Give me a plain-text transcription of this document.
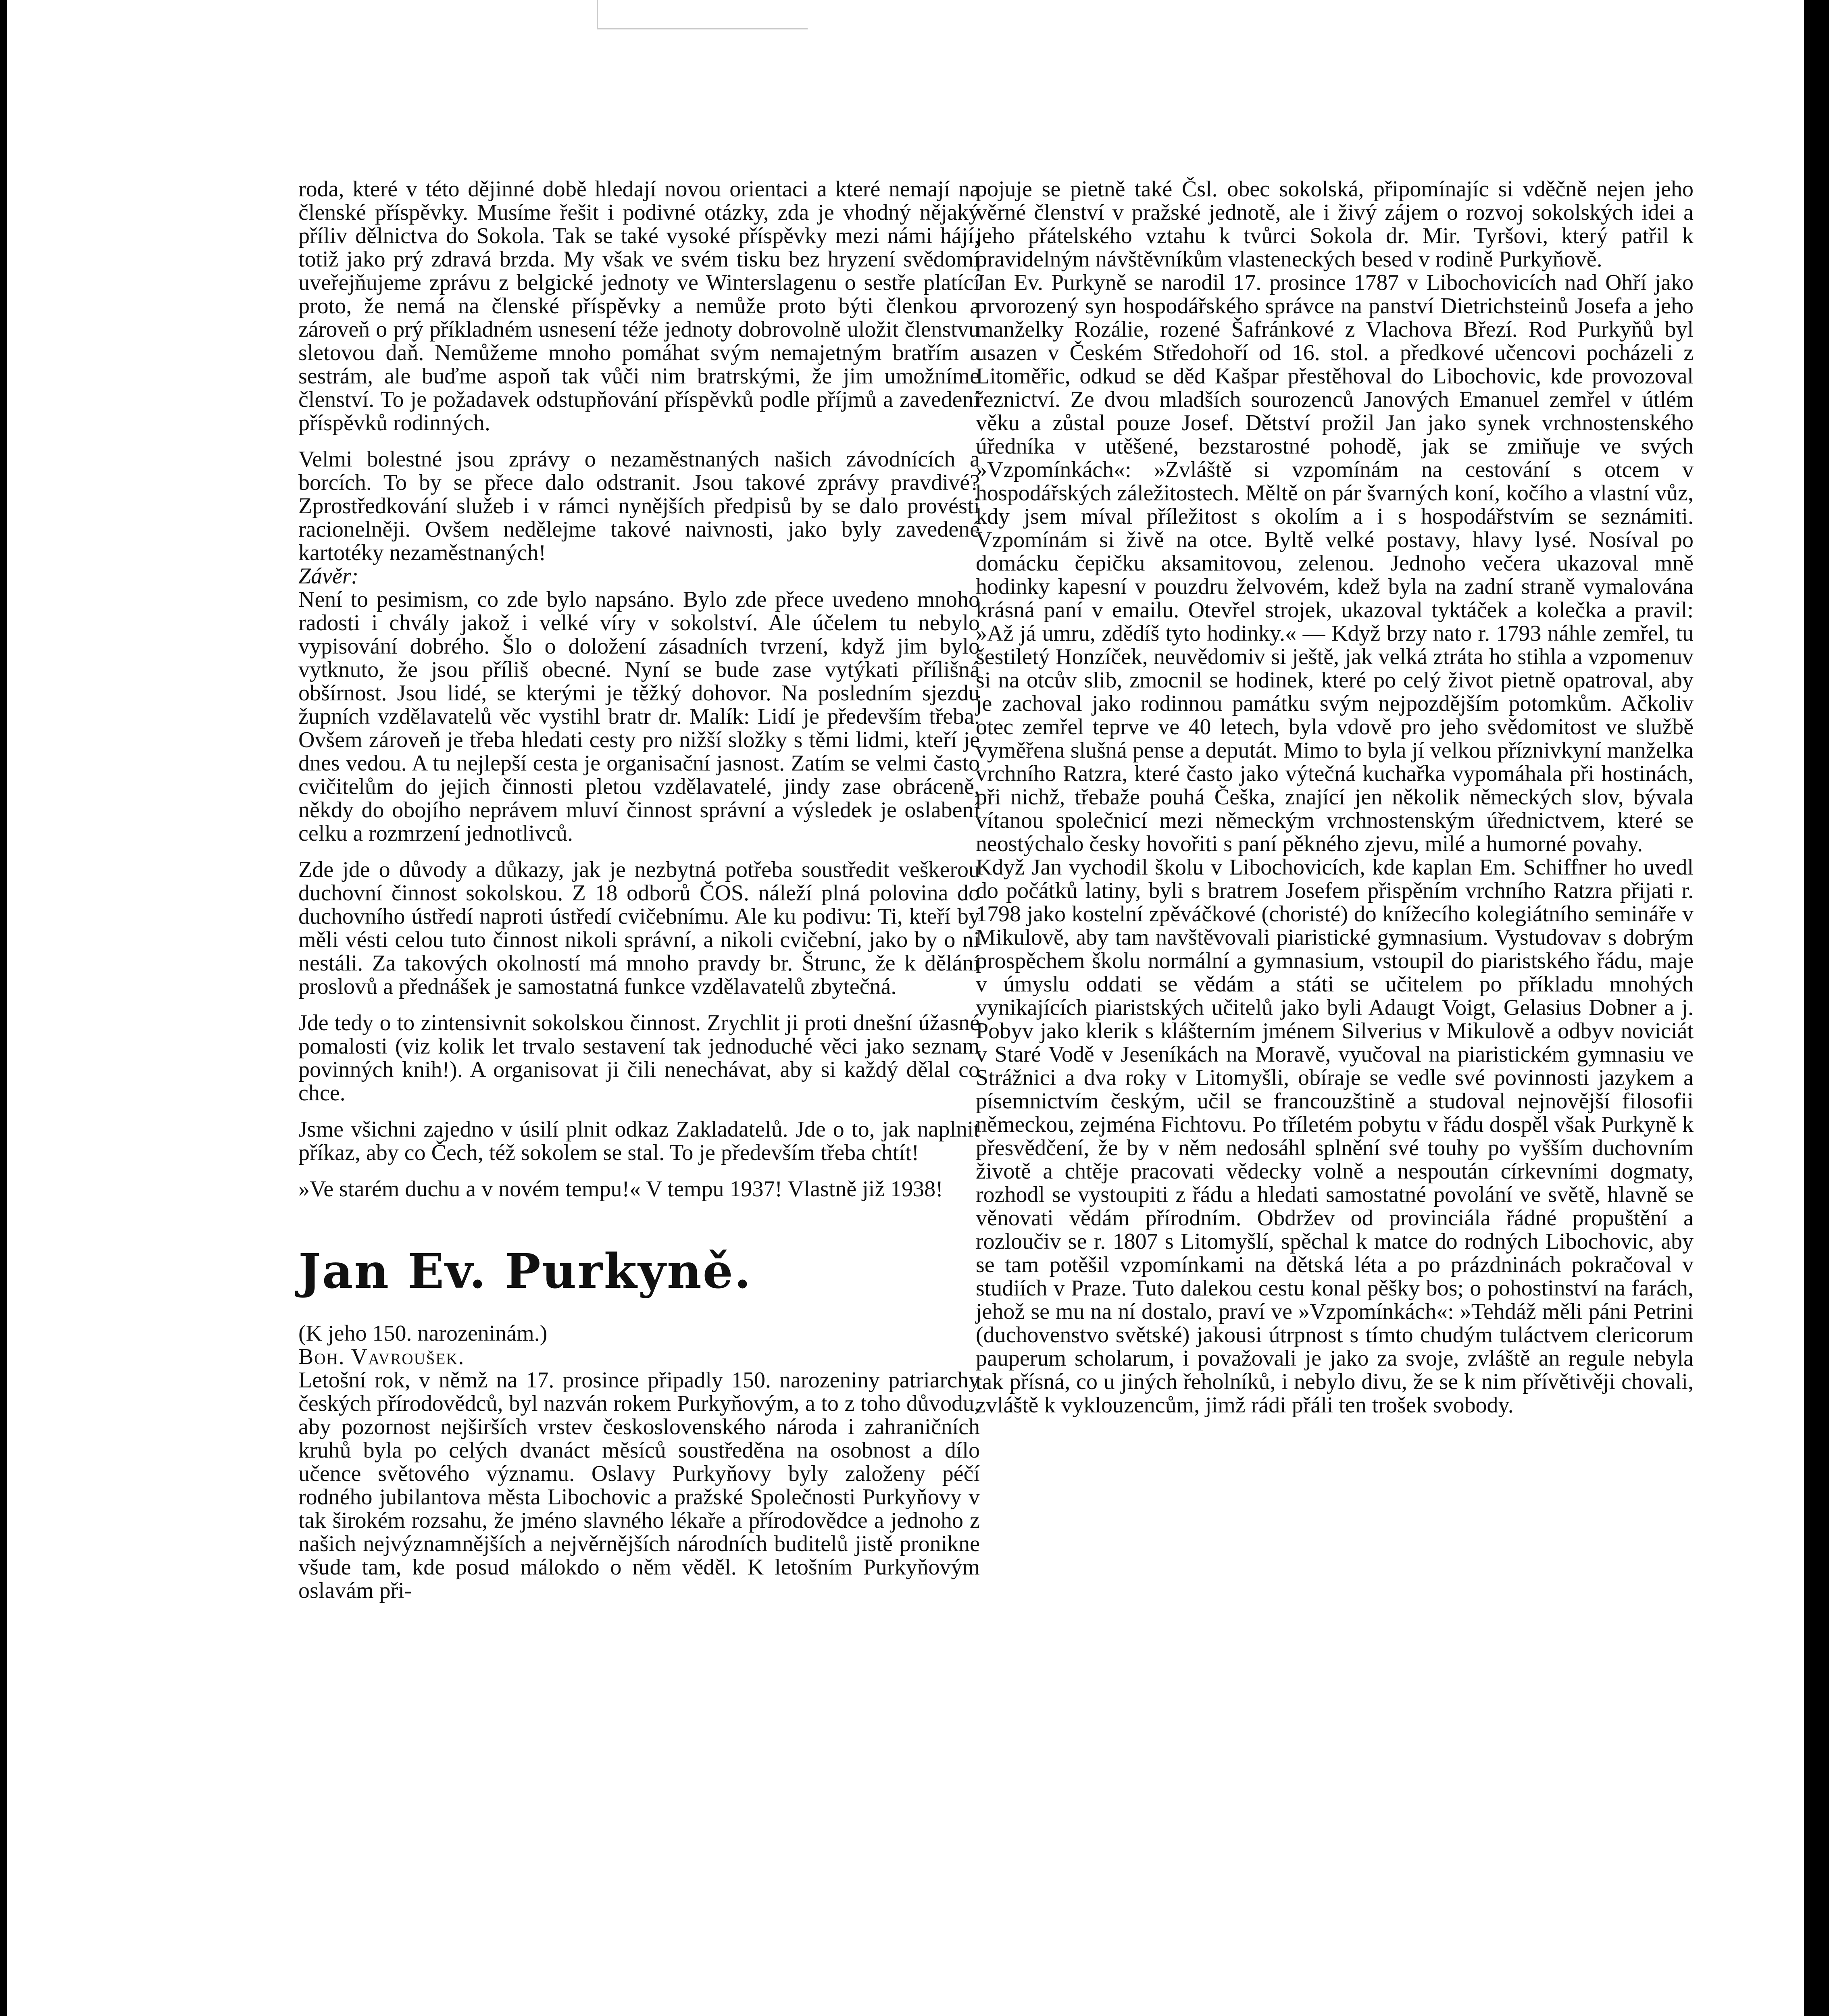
roda, které v této dějinné době hledají novou orientaci a které nemají na členské příspěvky. Musíme řešit i podivné otázky, zda je vhodný nějaký příliv dělnictva do Sokola. Tak se také vysoké příspěvky mezi námi hájí, totiž jako prý zdravá brzda. My však ve svém tisku bez hryzení svědomí uveřejňujeme zprávu z belgické jednoty ve Winterslagenu o sestře platící proto, že nemá na členské příspěvky a nemůže proto býti členkou a zároveň o prý příkladném usnesení téže jednoty dobrovolně uložit členstvu sletovou daň. Nemůžeme mnoho pomáhat svým nemajetným bratřím a sestrám, ale buďme aspoň tak vůči nim bratrskými, že jim umožníme členství. To je požadavek odstupňování příspěvků podle příjmů a zavedení příspěvků rodinných.

Velmi bolestné jsou zprávy o nezaměstnaných našich závodnících a borcích. To by se přece dalo odstranit. Jsou takové zprávy pravdivé? Zprostředkování služeb i v rámci nynějších předpisů by se dalo provésti racionelněji. Ovšem nedělejme takové naivnosti, jako byly zavedené kartotéky nezaměstnaných!

Závěr:

Není to pesimism, co zde bylo napsáno. Bylo zde přece uvedeno mnoho radosti i chvály jakož i velké víry v sokolství. Ale účelem tu nebylo vypisování dobrého. Šlo o doložení zásadních tvrzení, když jim bylo vytknuto, že jsou příliš obecné. Nyní se bude zase vytýkati přílišná obšírnost. Jsou lidé, se kterými je těžký dohovor. Na posledním sjezdu župních vzdělavatelů věc vystihl bratr dr. Malík: Lidí je především třeba. Ovšem zároveň je třeba hledati cesty pro nižší složky s těmi lidmi, kteří je dnes vedou. A tu nejlepší cesta je organisační jasnost. Zatím se velmi často cvičitelům do jejich činnosti pletou vzdělavatelé, jindy zase obráceně, někdy do obojího neprávem mluví činnost správní a výsledek je oslabení celku a rozmrzení jednotlivců.

Zde jde o důvody a důkazy, jak je nezbytná potřeba soustředit veškerou duchovní činnost sokolskou. Z 18 odborů ČOS. náleží plná polovina do duchovního ústředí naproti ústředí cvičebnímu. Ale ku podivu: Ti, kteří by měli vésti celou tuto činnost nikoli správní, a nikoli cvičební, jako by o ni nestáli. Za takových okolností má mnoho pravdy br. Štrunc, že k dělání proslovů a přednášek je samostatná funkce vzdělavatelů zbytečná.

Jde tedy o to zintensivnit sokolskou činnost. Zrychlit ji proti dnešní úžasné pomalosti (viz kolik let trvalo sestavení tak jednoduché věci jako seznam povinných knih!). A organisovat ji čili nenechávat, aby si každý dělal co chce.

Jsme všichni zajedno v úsilí plnit odkaz Zakladatelů. Jde o to, jak naplnit příkaz, aby co Čech, též sokolem se stal. To je především třeba chtít!

»Ve starém duchu a v novém tempu!« V tempu 1937! Vlastně již 1938!

Jan Ev. Purkyně.

(K jeho 150. narozeninám.)

Boh. Vavroušek.

Letošní rok, v němž na 17. prosince připadly 150. narozeniny patriarchy českých přírodovědců, byl nazván rokem Purkyňovým, a to z toho důvodu, aby pozornost nejširších vrstev československého národa i zahraničních kruhů byla po celých dvanáct měsíců soustředěna na osobnost a dílo učence světového významu. Oslavy Purkyňovy byly založeny péčí rodného jubilantova města Libochovic a pražské Společnosti Purkyňovy v tak širokém rozsahu, že jméno slavného lékaře a přírodovědce a jednoho z našich nejvýznamnějších a nejvěrnějších národních buditelů jistě pronikne všude tam, kde posud málokdo o něm věděl. K letošním Purkyňovým oslavám při-

pojuje se pietně také Čsl. obec sokolská, připomínajíc si vděčně nejen jeho věrné členství v pražské jednotě, ale i živý zájem o rozvoj sokolských idei a jeho přátelského vztahu k tvůrci Sokola dr. Mir. Tyršovi, který patřil k pravidelným návštěvníkům vlasteneckých besed v rodině Purkyňově.

Jan Ev. Purkyně se narodil 17. prosince 1787 v Libochovicích nad Ohří jako prvorozený syn hospodářského správce na panství Dietrichsteinů Josefa a jeho manželky Rozálie, rozené Šafránkové z Vlachova Březí. Rod Purkyňů byl usazen v Českém Středohoří od 16. stol. a předkové učencovi pocházeli z Litoměřic, odkud se děd Kašpar přestěhoval do Libochovic, kde provozoval řeznictví. Ze dvou mladších sourozenců Janových Emanuel zemřel v útlém věku a zůstal pouze Josef. Dětství prožil Jan jako synek vrchnostenského úředníka v utěšené, bezstarostné pohodě, jak se zmiňuje ve svých »Vzpomínkách«: »Zvláště si vzpomínám na cestování s otcem v hospodářských záležitostech. Měltě on pár švarných koní, kočího a vlastní vůz, kdy jsem míval příležitost s okolím a i s hospodářstvím se seznámiti. Vzpomínám si živě na otce. Byltě velké postavy, hlavy lysé. Nosíval po domácku čepičku aksamitovou, zelenou. Jednoho večera ukazoval mně hodinky kapesní v pouzdru želvovém, kdež byla na zadní straně vymalována krásná paní v emailu. Otevřel strojek, ukazoval tyktáček a kolečka a pravil: »Až já umru, zdědíš tyto hodinky.« — Když brzy nato r. 1793 náhle zemřel, tu šestiletý Honzíček, neuvědomiv si ještě, jak velká ztráta ho stihla a vzpomenuv si na otcův slib, zmocnil se hodinek, které po celý život pietně opatroval, aby je zachoval jako rodinnou památku svým nejpozdějším potomkům. Ačkoliv otec zemřel teprve ve 40 letech, byla vdově pro jeho svědomitost ve službě vyměřena slušná pense a deputát. Mimo to byla jí velkou příznivkyní manželka vrchního Ratzra, které často jako výtečná kuchařka vypomáhala při hostinách, při nichž, třebaže pouhá Češka, znající jen několik německých slov, bývala vítanou společnicí mezi německým vrchnostenským úřednictvem, které se neostýchalo česky hovořiti s paní pěkného zjevu, milé a humorné povahy.

Když Jan vychodil školu v Libochovicích, kde kaplan Em. Schiffner ho uvedl do počátků latiny, byli s bratrem Josefem přispěním vrchního Ratzra přijati r. 1798 jako kostelní zpěváčkové (choristé) do knížecího kolegiátního semináře v Mikulově, aby tam navštěvovali piaristické gymnasium. Vystudovav s dobrým prospěchem školu normální a gymnasium, vstoupil do piaristského řádu, maje v úmyslu oddati se vědám a státi se učitelem po příkladu mnohých vynikajících piaristských učitelů jako byli Adaugt Voigt, Gelasius Dobner a j. Pobyv jako klerik s klášterním jménem Silverius v Mikulově a odbyv noviciát v Staré Vodě v Jeseníkách na Moravě, vyučoval na piaristickém gymnasiu ve Strážnici a dva roky v Litomyšli, obíraje se vedle své povinnosti jazykem a písemnictvím českým, učil se francouzštině a studoval nejnovější filosofii německou, zejména Fichtovu. Po tříletém pobytu v řádu dospěl však Purkyně k přesvědčení, že by v něm nedosáhl splnění své touhy po vyšším duchovním životě a chtěje pracovati vědecky volně a nespoután církevními dogmaty, rozhodl se vystoupiti z řádu a hledati samostatné povolání ve světě, hlavně se věnovati vědám přírodním. Obdržev od provinciála řádné propuštění a rozloučiv se r. 1807 s Litomyšlí, spěchal k matce do rodných Libochovic, aby se tam potěšil vzpomínkami na dětská léta a po prázdninách pokračoval v studiích v Praze. Tuto dalekou cestu konal pěšky bos; o pohostinství na farách, jehož se mu na ní dostalo, praví ve »Vzpomínkách«: »Tehdáž měli páni Petrini (duchovenstvo světské) jakousi útrpnost s tímto chudým tuláctvem clericorum pauperum scholarum, i považovali je jako za svoje, zvláště an regule nebyla tak přísná, co u jiných řeholníků, i nebylo divu, že se k nim přívětivěji chovali, zvláště k vyklouzencům, jimž rádi přáli ten trošek svobody.
